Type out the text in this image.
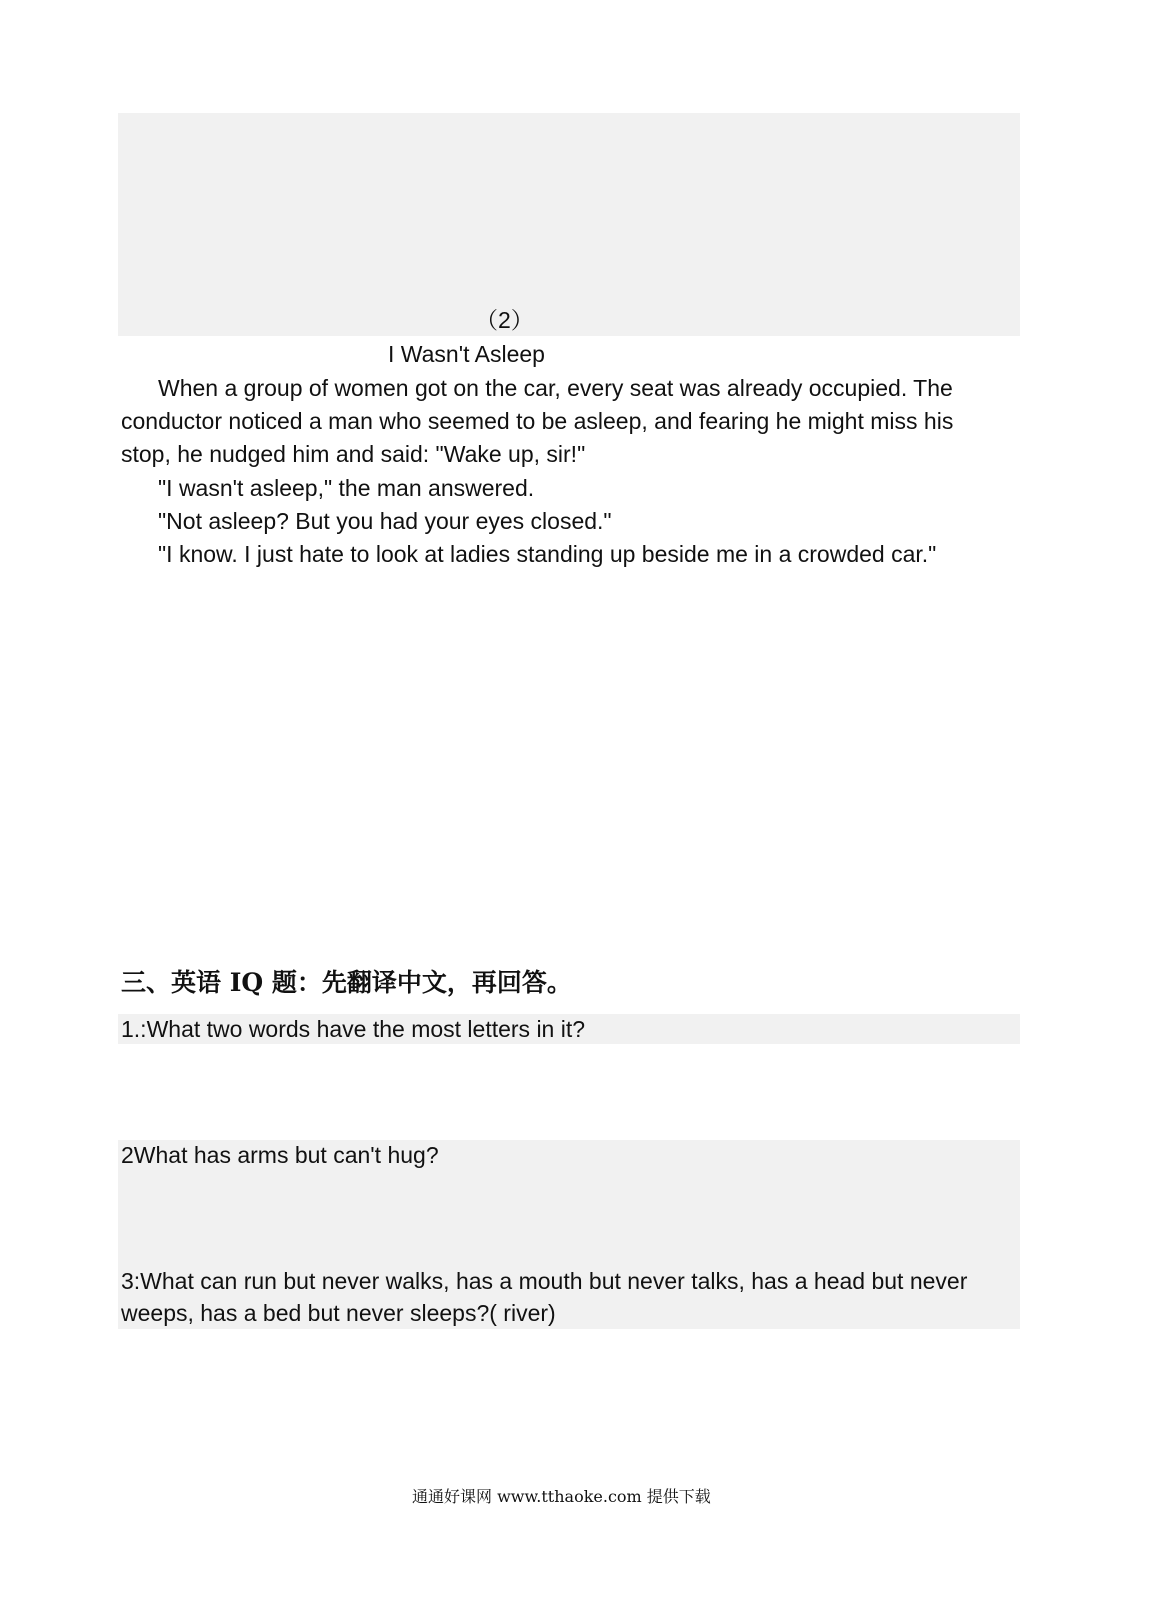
（2）
I Wasn't Asleep
When a group of women got on the car, every seat was already occupied. The
conductor noticed a man who seemed to be asleep, and fearing he might miss his
stop, he nudged him and said: "Wake up, sir!"
"I wasn't asleep," the man answered.
"Not asleep? But you had your eyes closed."
"I know. I just hate to look at ladies standing up beside me in a crowded car."
三、英语 IQ 题：先翻译中文，再回答。
1.:What two words have the most letters in it?
2What has arms but can't hug?
3:What can run but never walks, has a mouth but never talks, has a head but never
weeps, has a bed but never sleeps?( river)
通通好课网 www.tthaoke.com 提供下载
